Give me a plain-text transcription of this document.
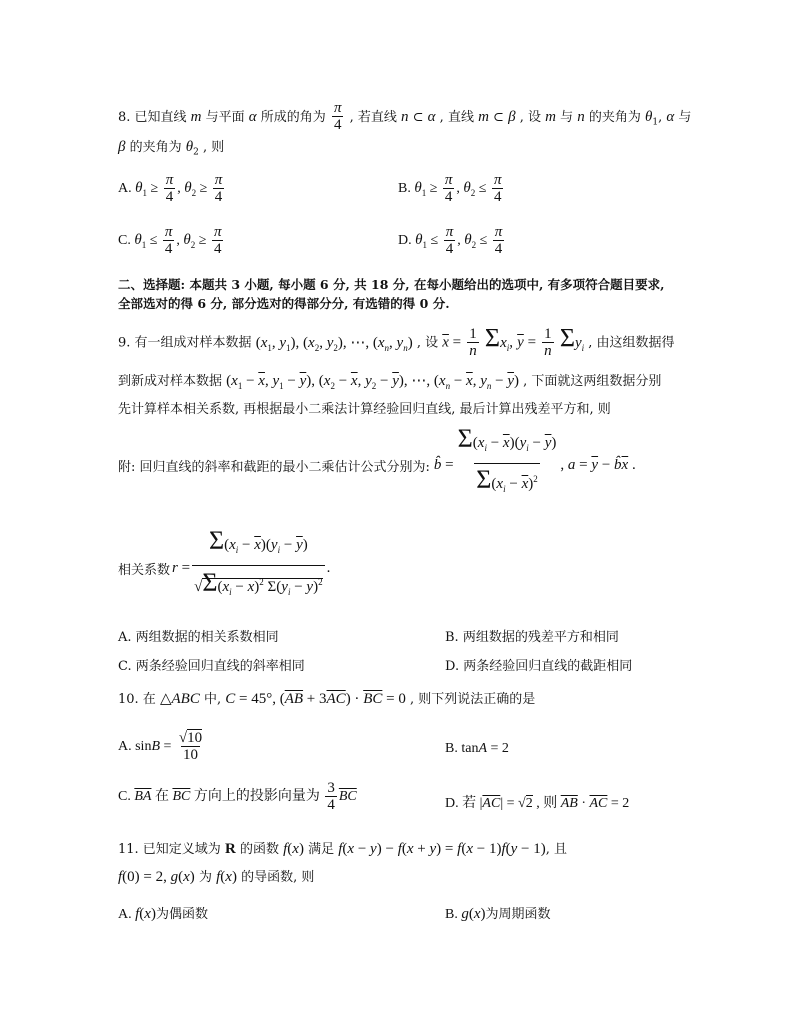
8. 已知直线 m 与平面 α 所成的角为 $\frac{\pi}{4}$ , 若直线 n ⊂ α , 直线 m ⊂ β , 设 m 与 n 的夹角为 $\theta_1$, α 与
β 的夹角为 $\theta_2$ , 则
A. $\theta_1 \ge \frac{\pi}{4}$ , $\theta_2 \ge \frac{\pi}{4}$	B. $\theta_1 \ge \frac{\pi}{4}$ , $\theta_2 \le \frac{\pi}{4}$
C. $\theta_1 \le \frac{\pi}{4}$ , $\theta_2 \ge \frac{\pi}{4}$	D. $\theta_1 \le \frac{\pi}{4}$ , $\theta_2 \le \frac{\pi}{4}$
二、选择题: 本题共 3 小题, 每小题 6 分, 共 18 分, 在每小题给出的选项中, 有多项符合题目要求,
全部选对的得 6 分, 部分选对的得部分分, 有选错的得 0 分.
9. 有一组成对样本数据 ($x_1$, $y_1$), ($x_2$, $y_2$), ⋯, ($x_n$, $y_n$) , 设 $\overline{x} = \frac{1}{n} \Sigma x_i$, $\overline{y} = \frac{1}{n} \Sigma y_i$ , 由这组数据得
到新成对样本数据 ($x_1 - \overline{x}$, $y_1 - \overline{y}$), ($x_2 - \overline{x}$, $y_2 - \overline{y}$), ⋯, ($x_n - \overline{x}$, $y_n - \overline{y}$) , 下面就这两组数据分别
先计算样本相关系数, 再根据最小二乘法计算经验回归直线, 最后计算出残差平方和, 则
附: 回归直线的斜率和截距的最小二乘估计公式分别为: b̂ = $\frac{\Sigma(x_i - \overline{x})(y_i - \overline{y})}{\Sigma(x_i - \overline{x})^2}$ , $a = \overline{y}$ − $b̂\overline{x}$ .
相关系数 $r = \frac{\Sigma(x_i - \overline{x})(y_i - \overline{y})}{√\Sigma(x_i - \overline{x})^2 \Sigma(y_i - \overline{y})^2}$ .
A. 两组数据的相关系数相同	B. 两组数据的残差平方和相同
C. 两条经验回归直线的斜率相同	D. 两条经验回归直线的截距相同
10. 在 △ABC 中, C = 45°, $(\overline{AB} + 3\overline{AC}) \cdot \overline{BC} = 0$ , 则下列说法正确的是
A. $\sin B = \frac{√10}{10}$	B. tanA = 2
C. $\overline{BA}$ 在 $\overline{BC}$ 方向上的投影向量为 $\frac{3}{4} \overline{BC}$	D. 若 $|\overline{AC}| = √2$ , 则 $\overline{AB} \cdot \overline{AC} = 2$
11. 已知定义域为 R 的函数 f(x) 满足 f(x − y) − f(x + y) = f(x − 1)f(y − 1), 且
f(0) = 2, g(x) 为 f(x) 的导函数, 则
A. f(x)为偶函数	B. g(x)为周期函数
